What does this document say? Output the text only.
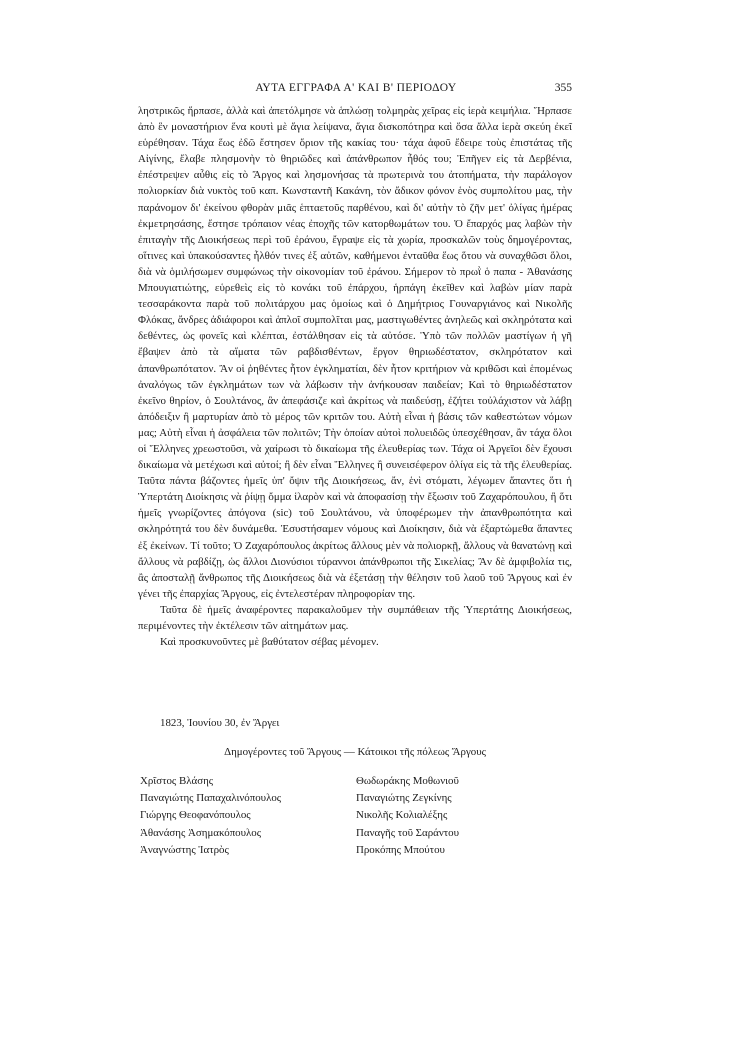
ΑΥΤΑ ΕΓΓΡΑΦΑ Α' ΚΑΙ Β' ΠΕΡΙΟΔΟΥ	355

ληστρικῶς ἥρπασε, ἀλλὰ καὶ ἀπετόλμησε νὰ ἁπλώσῃ τολμηρὰς χεῖρας εἰς ἱερὰ κειμήλια. Ἥρπασε ἀπὸ ἓν μοναστήριον ἕνα κουτὶ μὲ ἅγια λείψανα, ἅγια δισκοπότηρα καὶ ὅσα ἄλλα ἱερὰ σκεύη ἐκεῖ εὑρέθησαν. Τάχα ἕως ἐδῶ ἔστησεν ὅριον τῆς κακίας του· τάχα ἀφοῦ ἔδειρε τοὺς ἐπιστάτας τῆς Αἰγίνης, ἔλαβε πλησμονὴν τὸ θηριῶδες καὶ ἀπάνθρωπον ἦθός του; Ἐπῆγεν εἰς τὰ Δερβένια, ἐπέστρεψεν αὖθις εἰς τὸ Ἄργος καὶ λησμονήσας τὰ πρωτερινὰ του ἀτοπήματα, τὴν παράλογον πολιορκίαν διὰ νυκτὸς τοῦ καπ. Κωνσταντῆ Κακάνη, τὸν ἄδικον φόνον ἑνὸς συμπολίτου μας, τὴν παράνομον δι' ἐκείνου φθορὰν μιᾶς ἑπταετοῦς παρθένου, καὶ δι' αὐτὴν τὸ ζῆν μετ' ὀλίγας ἡμέρας ἐκμετρησάσης, ἔστησε τρόπαιον νέας ἐποχῆς τῶν κατορθωμάτων του. Ὁ ἔπαρχός μας λαβὼν τὴν ἐπιταγὴν τῆς Διοικήσεως περὶ τοῦ ἐράνου, ἔγραψε εἰς τὰ χωρία, προσκαλῶν τοὺς δημογέροντας, οἵτινες καὶ ὑπακούσαντες ἦλθόν τινες ἐξ αὐτῶν, καθήμενοι ἐνταῦθα ἕως ὅτου νὰ συναχθῶσι ὅλοι, διὰ νὰ ὁμιλήσωμεν συμφώνως τὴν οἰκονομίαν τοῦ ἐράνου. Σήμερον τὸ πρωῒ ὁ παπα - Ἀθανάσης Μπουγιατιώτης, εὑρεθεὶς εἰς τὸ κονάκι τοῦ ἐπάρχου, ἡρπάγη ἐκεῖθεν καὶ λαβὼν μίαν παρὰ τεσσαράκοντα παρὰ τοῦ πολιτάρχου μας ὁμοίως καὶ ὁ Δημήτριος Γουναργιάνος καὶ Νικολῆς Φλόκας, ἄνδρες ἀδιάφοροι καὶ ἁπλοῖ συμπολῖται μας, μαστιγωθέντες ἀνηλεῶς καὶ σκληρότατα καὶ δεθέντες, ὡς φονεῖς καὶ κλέπται, ἐστάλθησαν εἰς τὰ αὐτόσε. Ὑπὸ τῶν πολλῶν μαστίγων ἡ γῆ ἔβαψεν ἀπὸ τὰ αἵματα τῶν ραβδισθέντων, ἔργον θηριωδέστατον, σκληρότατον καὶ ἀπανθρωπότατον. Ἂν οἱ ῥηθέντες ἦτον ἐγκληματίαι, δὲν ἦτον κριτήριον νὰ κριθῶσι καὶ ἑπομένως ἀναλόγως τῶν ἐγκλημάτων των νὰ λάβωσιν τὴν ἀνήκουσαν παιδείαν; Καὶ τὸ θηριωδέστατον ἐκεῖνο θηρίον, ὁ Σουλτάνος, ἂν ἀπεφάσιζε καὶ ἀκρίτως νὰ παιδεύσῃ, ἐζήτει τοὐλάχιστον νὰ λάβῃ ἀπόδειξιν ἢ μαρτυρίαν ἀπὸ τὸ μέρος τῶν κριτῶν του. Αὐτὴ εἶναι ἡ βάσις τῶν καθεστώτων νόμων μας; Αὐτὴ εἶναι ἡ ἀσφάλεια τῶν πολιτῶν; Τὴν ὁποίαν αὐτοὶ πολυειδῶς ὑπεσχέθησαν, ἂν τάχα ὅλοι οἱ Ἕλληνες χρεωστοῦσι, νὰ χαίρωσι τὸ δικαίωμα τῆς ἐλευθερίας των. Τάχα οἱ Ἀργεῖοι δὲν ἔχουσι δικαίωμα νὰ μετέχωσι καὶ αὐτοί; ἢ δὲν εἶναι Ἕλληνες ἢ συνεισέφερον ὀλίγα εἰς τὰ τῆς ἐλευθερίας. Ταῦτα πάντα βάζοντες ἡμεῖς ὑπ' ὄψιν τῆς Διοικήσεως, ἄν, ἑνὶ στόματι, λέγωμεν ἅπαντες ὅτι ἡ Ὑπερτάτη Διοίκησις νὰ ῥίψῃ ὄμμα ἱλαρὸν καὶ νὰ ἀποφασίσῃ τὴν ἔξωσιν τοῦ Ζαχαρόπουλου, ἢ ὅτι ἡμεῖς γνωρίζοντες ἀπόγονα (sic) τοῦ Σουλτάνου, νὰ ὑποφέρωμεν τὴν ἀπανθρωπότητα καὶ σκληρότητά του δὲν δυνάμεθα. Ἐσυστήσαμεν νόμους καὶ Διοίκησιν, διὰ νὰ ἐξαρτώμεθα ἅπαντες ἐξ ἐκείνων. Τί τοῦτο; Ὁ Ζαχαρόπουλος ἀκρίτως ἄλλους μὲν νὰ πολιορκῇ, ἄλλους νὰ θανατώνῃ καὶ ἄλλους νὰ ραβδίζῃ, ὡς ἄλλοι Διονύσιοι τύραννοι ἀπάνθρωποι τῆς Σικελίας; Ἂν δὲ ἀμφιβολία τις, ἂς ἀποσταλῇ ἄνθρωπος τῆς Διοικήσεως διὰ νὰ ἐξετάσῃ τὴν θέλησιν τοῦ λαοῦ τοῦ Ἄργους καὶ ἐν γένει τῆς ἐπαρχίας Ἄργους, εἰς ἐντελεστέραν πληροφορίαν της.

Ταῦτα δὲ ἡμεῖς ἀναφέροντες παρακαλοῦμεν τὴν συμπάθειαν τῆς Ὑπερτάτης Διοικήσεως, περιμένοντες τὴν ἐκτέλεσιν τῶν αἰτημάτων μας.

Καὶ προσκυνοῦντες μὲ βαθύτατον σέβας μένομεν.

1823, Ἰουνίου 30, ἐν Ἄργει
Δημογέροντες τοῦ Ἄργους — Κάτοικοι τῆς πόλεως Ἄργους
Χρῖστος Βλάσης
Παναγιώτης Παπαχαλινόπουλος
Γιώργης Θεοφανόπουλος
Ἀθανάσης Ἀσημακόπουλος
Ἀναγνώστης Ἰατρὸς
Θωδωράκης Μοθωνιοῦ
Παναγιώτης Ζεγκίνης
Νικολῆς Κολιαλέξης
Παναγῆς τοῦ Σαράντου
Προκόπης Μπούτου
